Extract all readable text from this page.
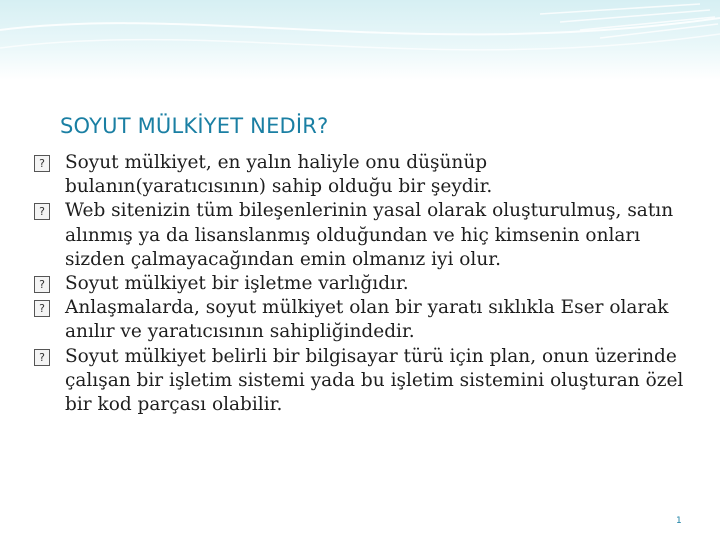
SOYUT MÜLKİYET NEDİR?
? Soyut mülkiyet, en yalın haliyle onu düşünüp bulanın(yaratıcısının) sahip olduğu bir şeydir.
? Web sitenizin tüm bileşenlerinin yasal olarak oluşturulmuş, satın alınmış ya da lisanslanmış olduğundan ve hiç kimsenin onları sizden çalmayacağından emin olmanız iyi olur.
? Soyut mülkiyet bir işletme varlığıdır.
? Anlaşmalarda, soyut mülkiyet olan bir yaratı sıklıkla Eser olarak anılır ve yaratıcısının sahipliğindedir.
? Soyut mülkiyet belirli bir bilgisayar türü için plan, onun üzerinde çalışan bir işletim sistemi yada bu işletim sistemini oluşturan özel bir kod parçası olabilir.
1
